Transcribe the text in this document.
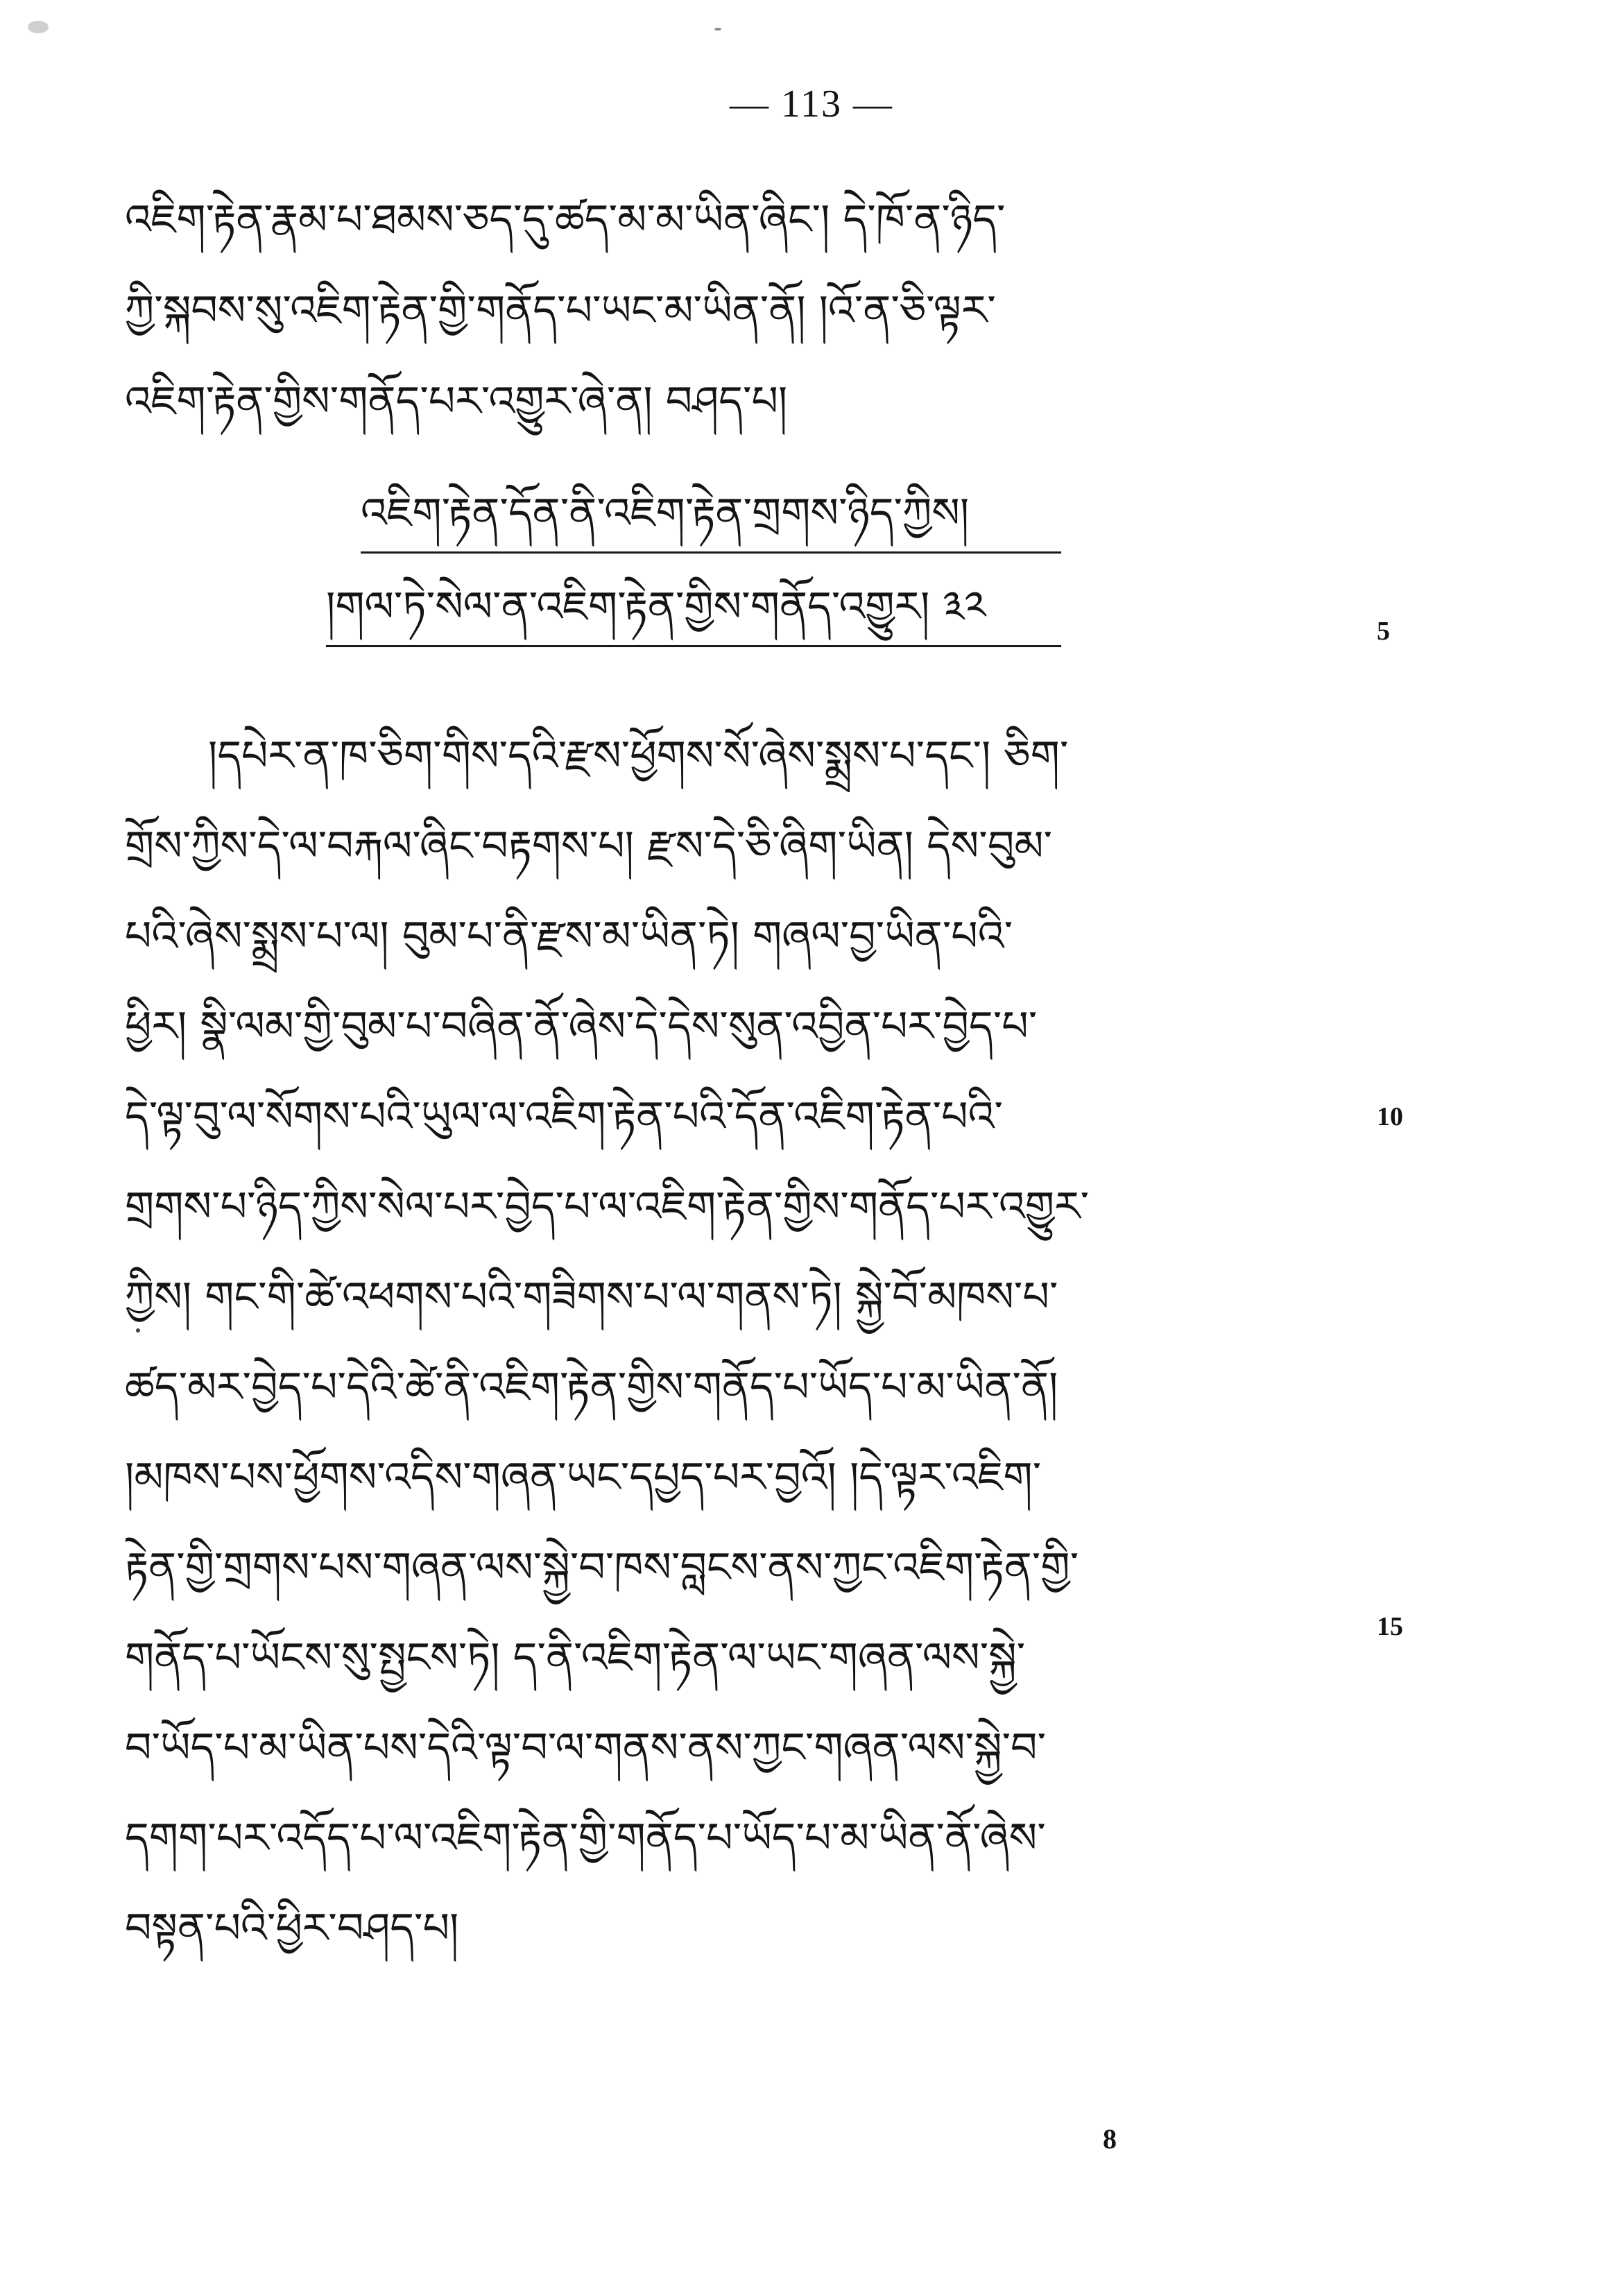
— 113 —
འཇིག་རྟེན་རྣམ་པ་ཐམས་ཅད་དུ་ཚད་མ་མ་ཡིན་ཞིང་། དེ་ཁོ་ན་ཉིད་
ཀྱི་སྐབས་སུ་འཇིག་རྟེན་གྱི་གནོད་པ་ཡང་མ་ཡིན་ནོ། །འོ་ན་ཅི་ལྟར་
འཇིག་རྟེན་གྱིས་གནོད་པར་འགྱུར་ཞེ་ན། བཤད་པ།
འཇིག་རྟེན་དོན་ནི་འཇིག་རྟེན་གྲགས་ཉིད་ཀྱིས།
།གལ་ཏེ་སེལ་ན་འཇིག་རྟེན་གྱིས་གནོད་འགྱུར། ༣༢
།དཔེར་ན་ཁ་ཅིག་གིས་དའི་རྫས་ཕྱོགས་སོ་ཞེས་སྨྲས་པ་དང་། ཅིག་
གྲོས་ཀྱིས་དེ་ལ་བརྐལ་ཞིང་བརྟགས་པ། རྫས་དེ་ཅི་ཞིག་ཡིན། དེས་བུམ་
པའི་ཞེས་སྨྲས་པ་ལ། བུམ་པ་ནི་རྫས་མ་ཡིན་ཏེ། གཞལ་བྱ་ཡིན་པའི་
ཕྱིར། སྣི་ལམ་གྱི་བུམ་པ་བཞིན་ནོ་ཞེས་དེ་དེས་སུན་འབྱིན་པར་བྱེད་པ་
དེ་ལྟ་བུ་ལ་སོགས་པའི་ཡུལ་ལ་འཇིག་རྟེན་པའི་དོན་འཇིག་རྟེན་པའི་
གྲགས་པ་ཉིད་ཀྱིས་སེལ་པར་བྱེད་པ་ལ་འཇིག་རྟེན་གྱིས་གནོད་པར་འགྱུར་
ཀྱིས། གང་གི་ཚེ་འཕགས་པའི་གཟིགས་པ་ལ་གནས་ཏེ། སྐྱེ་བོ་མཁས་པ་
ཚད་མར་བྱེད་པ་དེའི་ཚེ་ནི་འཇིག་རྟེན་གྱིས་གནོད་པ་ཡོད་པ་མ་ཡིན་ནོ།
།མཁས་པས་ཕྱོགས་འདིས་གཞན་ཡང་དཔྱད་པར་བྱའོ། །དེ་ལྟར་འཇིག་
རྟེན་གྱི་གྲགས་པས་གཞན་ལས་སྐྱེ་བ་ཁས་བླངས་ནས་ཀྱང་འཇིག་རྟེན་གྱི་
གནོད་པ་ཡོངས་སུ་སྤྱངས་ཏེ། ད་ནི་འཇིག་རྟེན་ལ་ཡང་གཞན་ལས་སྐྱེ་
བ་ཡོད་པ་མ་ཡིན་པས་དེའི་ལྟ་བ་ལ་གནས་ནས་ཀྱང་གཞན་ལས་སྐྱེ་བ་
དགག་པར་འདོད་པ་ལ་འཇིག་རྟེན་གྱི་གནོད་པ་ཡོད་པ་མ་ཡིན་ནོ་ཞེས་
བསྟན་པའི་ཕྱིར་བཤད་པ།
5
10
15
8
